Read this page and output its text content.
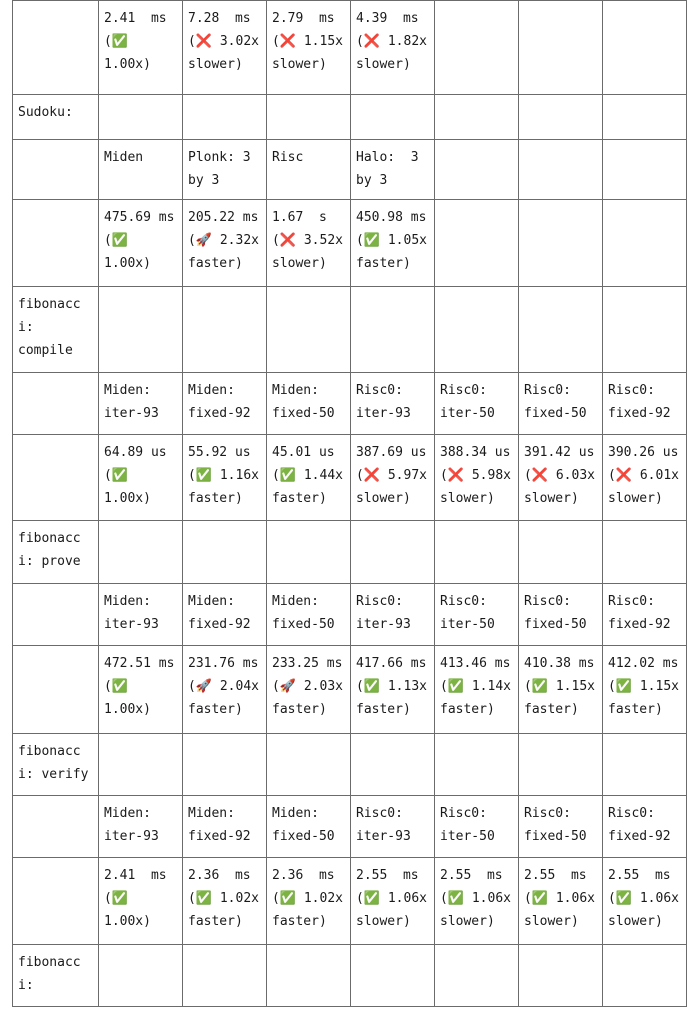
	2.41  ms
(✅
1.00x)	7.28  ms
(❌ 3.02x
slower)	2.79  ms
(❌ 1.15x
slower)	4.39  ms
(❌ 1.82x
slower)			
Sudoku:							
	Miden	Plonk: 3
by 3	Risc	Halo:  3
by 3			
	475.69 ms
(✅
1.00x)	205.22 ms
(🚀 2.32x
faster)	1.67  s
(❌ 3.52x
slower)	450.98 ms
(✅ 1.05x
faster)			
fibonacc
i:
compile							
	Miden:
iter-93	Miden:
fixed-92	Miden:
fixed-50	Risc0:
iter-93	Risc0:
iter-50	Risc0:
fixed-50	Risc0:
fixed-92
	64.89 us
(✅
1.00x)	55.92 us
(✅ 1.16x
faster)	45.01 us
(✅ 1.44x
faster)	387.69 us
(❌ 5.97x
slower)	388.34 us
(❌ 5.98x
slower)	391.42 us
(❌ 6.03x
slower)	390.26 us
(❌ 6.01x
slower)
fibonacc
i: prove							
	Miden:
iter-93	Miden:
fixed-92	Miden:
fixed-50	Risc0:
iter-93	Risc0:
iter-50	Risc0:
fixed-50	Risc0:
fixed-92
	472.51 ms
(✅
1.00x)	231.76 ms
(🚀 2.04x
faster)	233.25 ms
(🚀 2.03x
faster)	417.66 ms
(✅ 1.13x
faster)	413.46 ms
(✅ 1.14x
faster)	410.38 ms
(✅ 1.15x
faster)	412.02 ms
(✅ 1.15x
faster)
fibonacc
i: verify							
	Miden:
iter-93	Miden:
fixed-92	Miden:
fixed-50	Risc0:
iter-93	Risc0:
iter-50	Risc0:
fixed-50	Risc0:
fixed-92
	2.41  ms
(✅
1.00x)	2.36  ms
(✅ 1.02x
faster)	2.36  ms
(✅ 1.02x
faster)	2.55  ms
(✅ 1.06x
slower)	2.55  ms
(✅ 1.06x
slower)	2.55  ms
(✅ 1.06x
slower)	2.55  ms
(✅ 1.06x
slower)
fibonacc
i:							
